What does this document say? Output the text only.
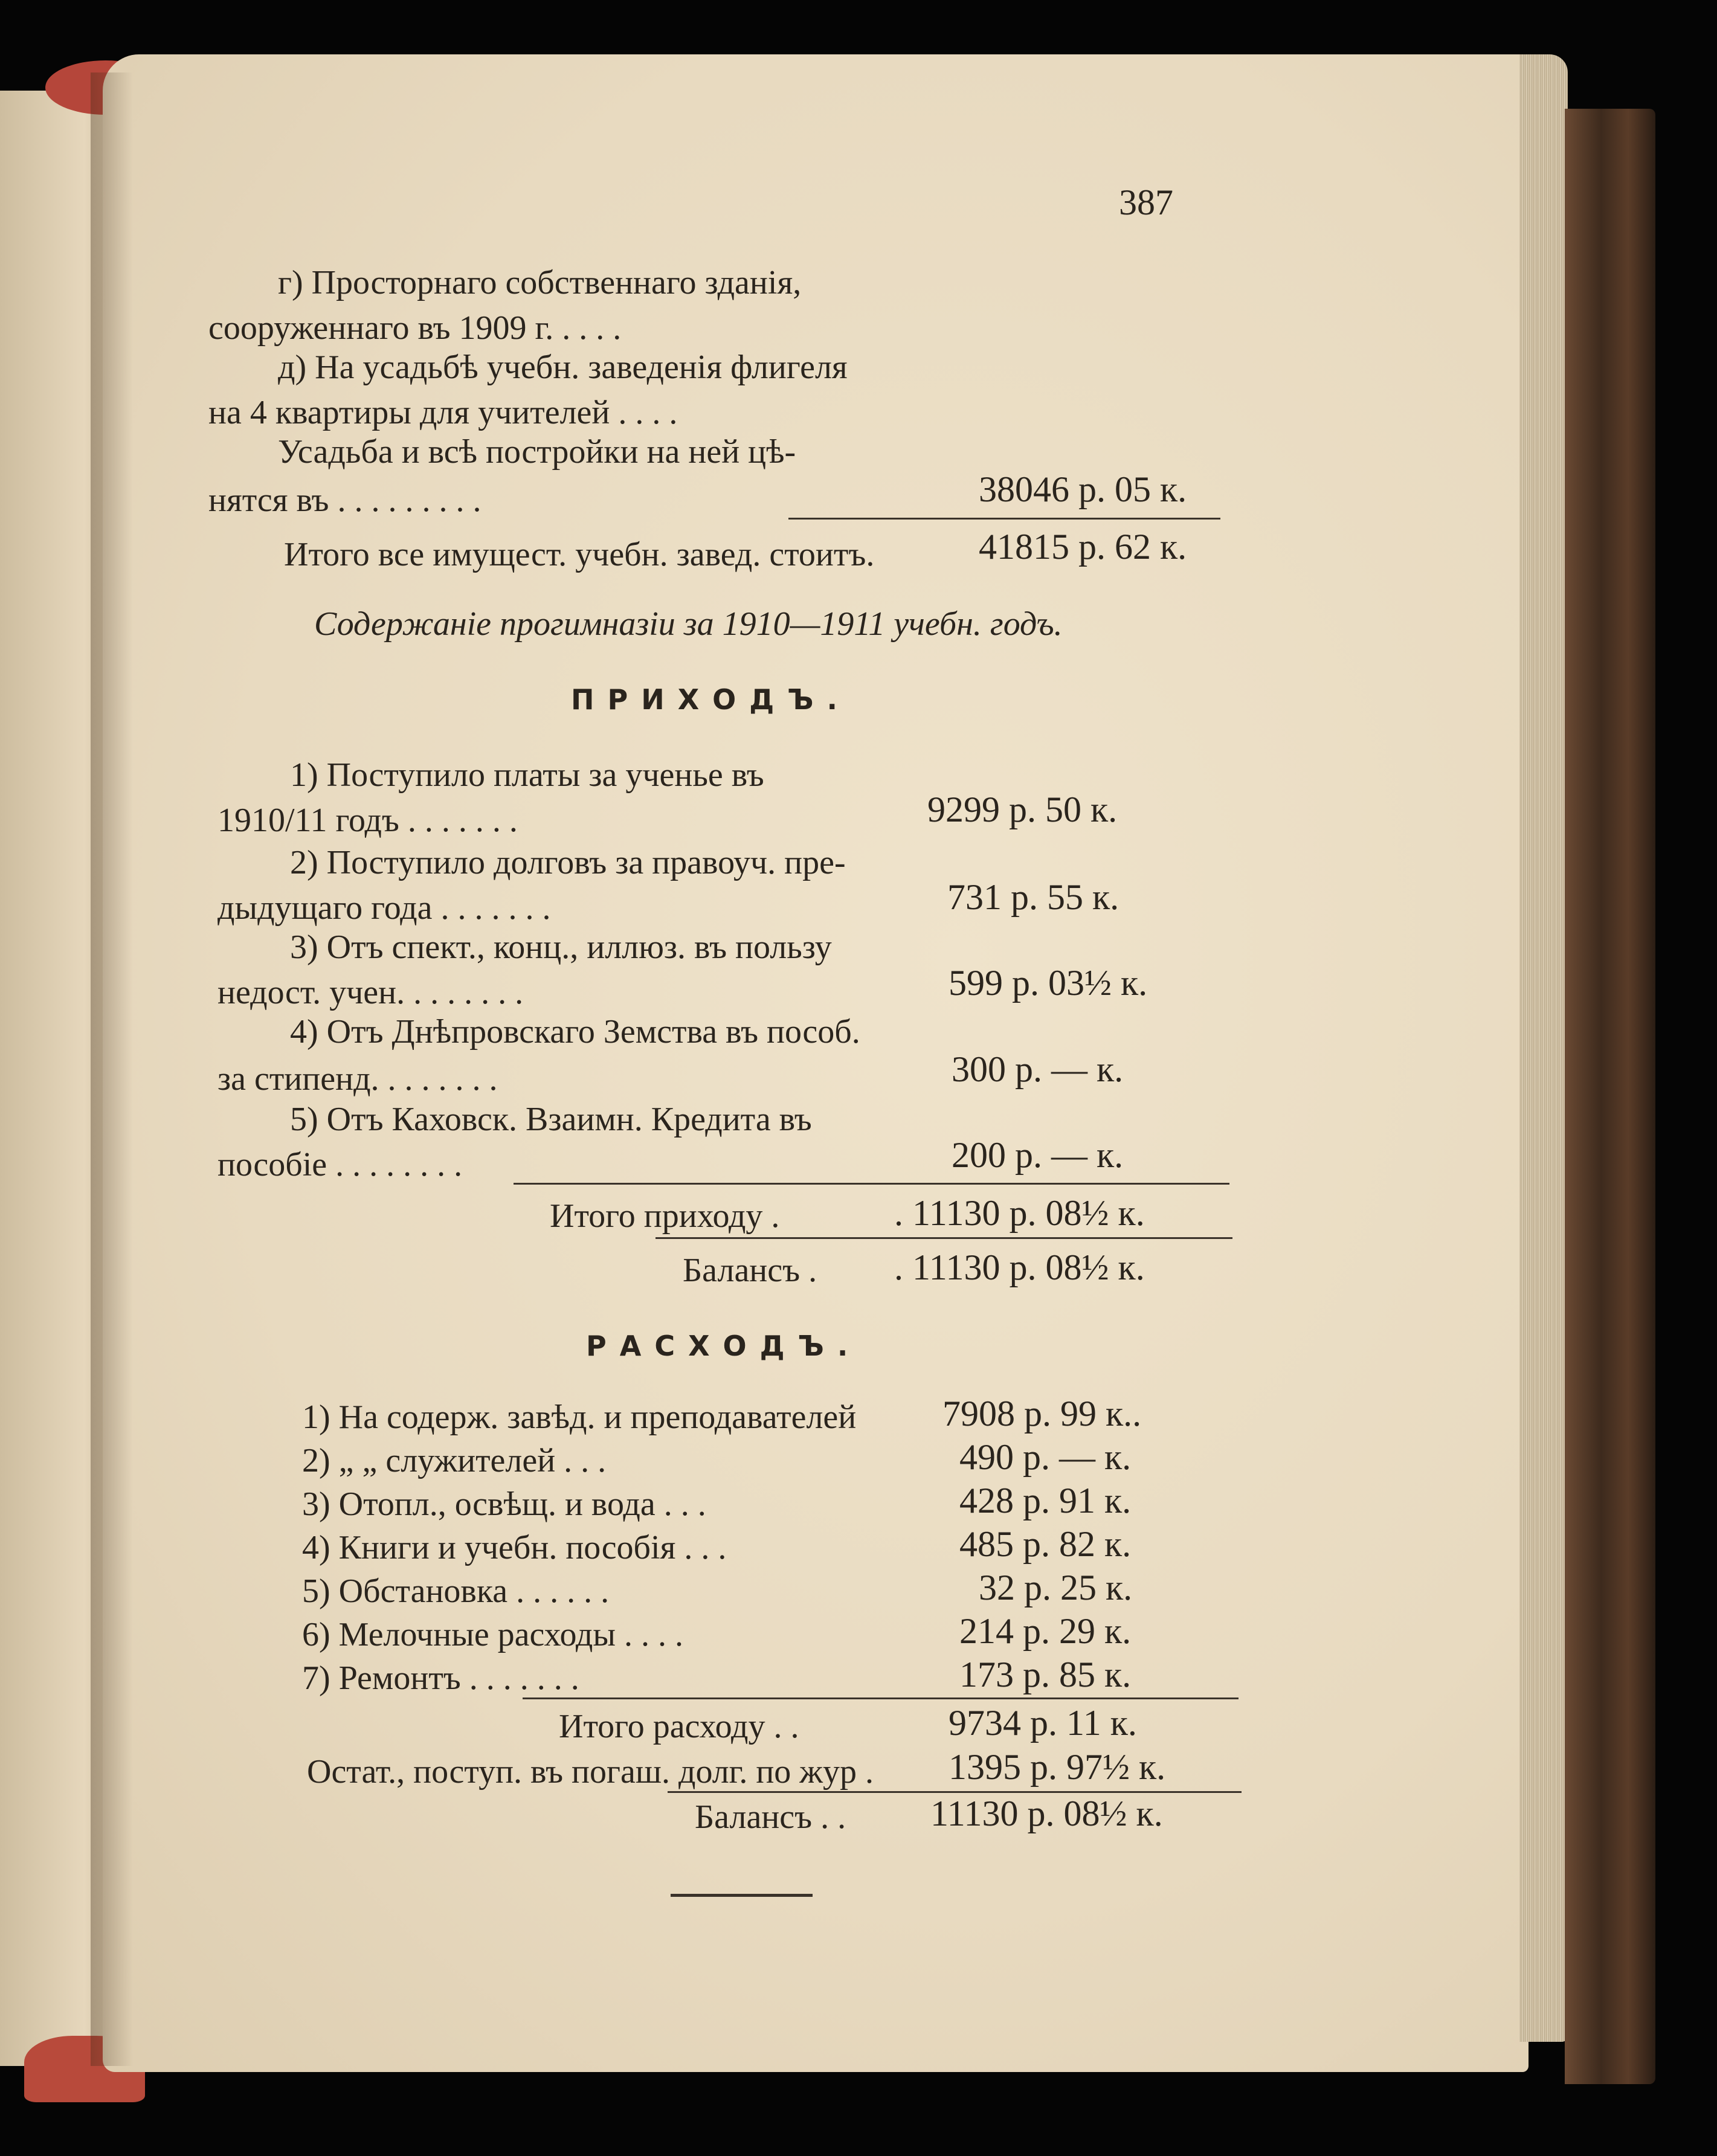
387
г) Просторнаго собственнаго зданія,
сооруженнаго въ 1909 г. . . . .
д) На усадьбѣ учебн. заведенія флигеля
на 4 квартиры для учителей . . . .
Усадьба и всѣ постройки на ней цѣ-
нятся въ . . . . . . . . .	38046 р. 05 к.
Итого все имущест. учебн. завед. стоитъ.	41815 р. 62 к.
Содержаніе прогимназіи за 1910—1911 учебн. годъ.
ПРИХОДЪ.
1) Поступило платы за ученье въ
1910/11 годъ . . . . . . .	9299 р. 50 к.
2) Поступило долговъ за правоуч. пре-
дыдущаго года . . . . . . .	731 р. 55 к.
3) Отъ спект., конц., иллюз. въ пользу
недост. учен. . . . . . . .	599 р. 03½ к.
4) Отъ Днѣпровскаго Земства въ пособ.
за стипенд. . . . . . . .	300 р. — к.
5) Отъ Каховск. Взаимн. Кредита въ
пособіе . . . . . . . .	200 р. — к.
Итого приходу .	. 11130 р. 08½ к.
Балансъ . . 11130 р. 08½ к.
РАСХОДЪ.
1) На содерж. завѣд. и преподавателей 7908 р. 99 к..
2) „ „ служителей . . .	490 р. — к.
3) Отопл., освѣщ. и вода . . .	428 р. 91 к.
4) Книги и учебн. пособія . . .	485 р. 82 к.
5) Обстановка . . . . . .	32 р. 25 к.
6) Мелочные расходы . . . .	214 р. 29 к.
7) Ремонтъ . . . . . . .	173 р. 85 к.
Итого расходу . .	9734 р. 11 к.
Остат., поступ. въ погаш. долг. по жур . 1395 р. 97½ к.
Балансъ . . 11130 р. 08½ к.
